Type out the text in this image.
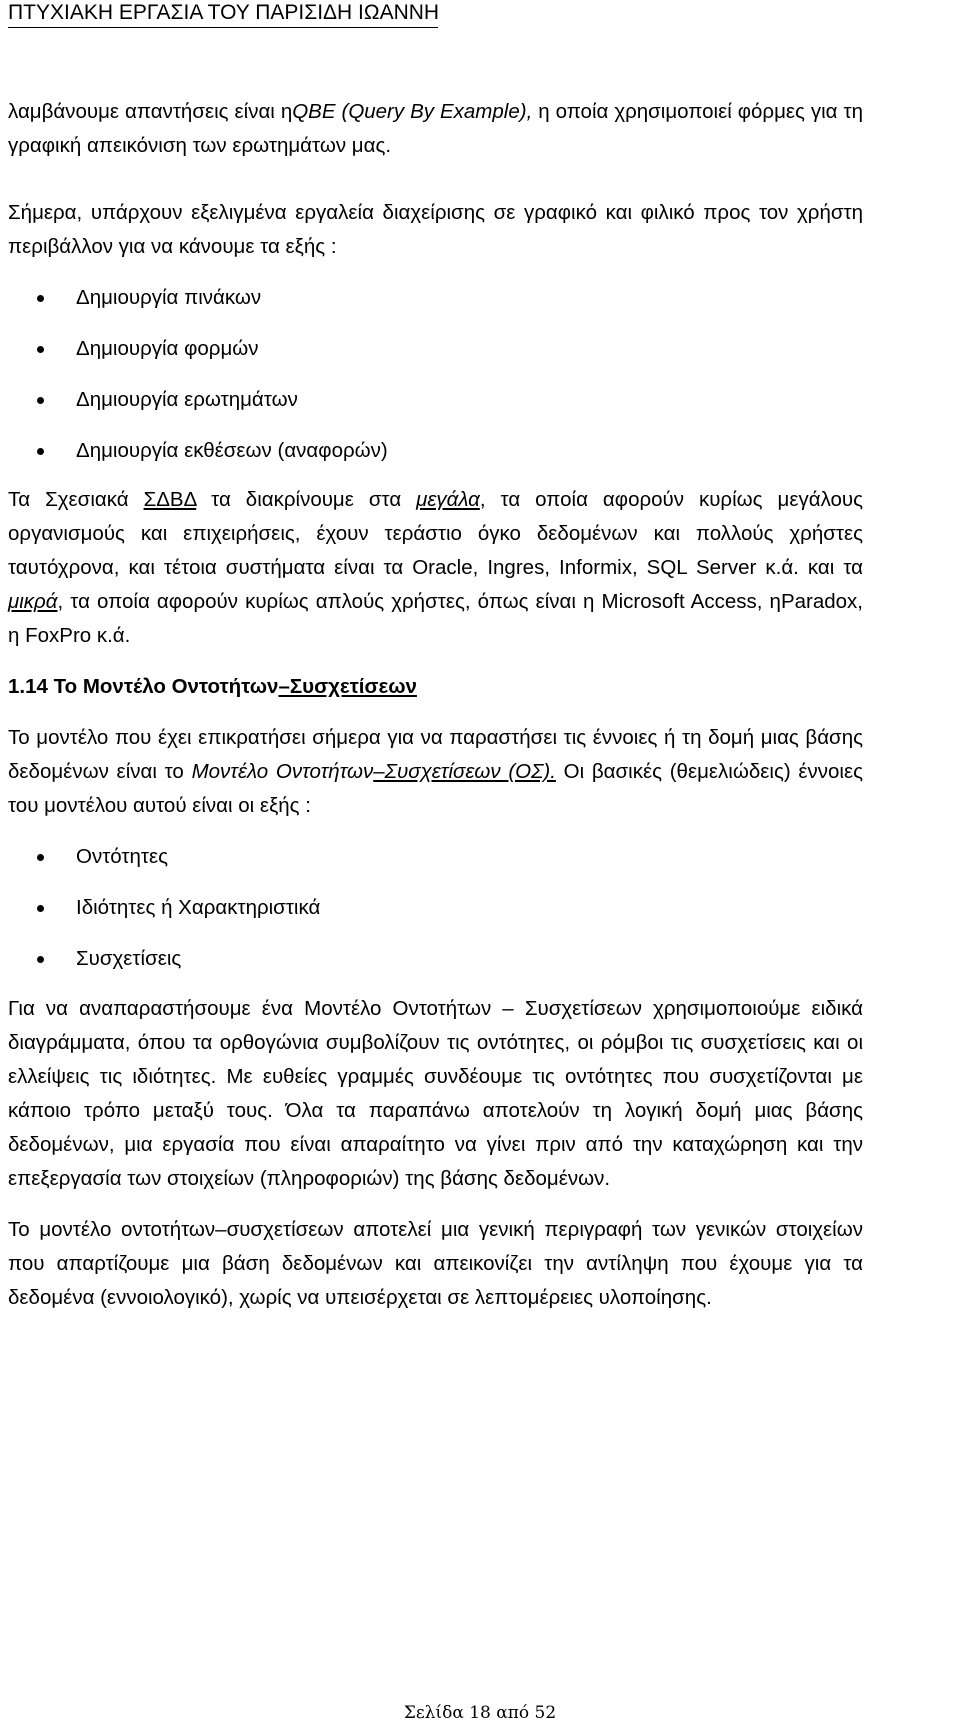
ΠΤΥΧΙΑΚΗ ΕΡΓΑΣΙΑ ΤΟΥ ΠΑΡΙΣΙΔΗ ΙΩΑΝΝΗ

λαμβάνουμε απαντήσεις είναι ηQBE (Query By Example), η οποία χρησιμοποιεί φόρμες για τη γραφική απεικόνιση των ερωτημάτων μας.

Σήμερα, υπάρχουν εξελιγμένα εργαλεία διαχείρισης σε γραφικό και φιλικό προς τον χρήστη περιβάλλον για να κάνουμε τα εξής :

Δημιουργία πινάκων
Δημιουργία φορμών
Δημιουργία ερωτημάτων
Δημιουργία εκθέσεων (αναφορών)

Τα Σχεσιακά ΣΔΒΔ τα διακρίνουμε στα μεγάλα, τα οποία αφορούν κυρίως μεγάλους οργανισμούς και επιχειρήσεις, έχουν τεράστιο όγκο δεδομένων και πολλούς χρήστες ταυτόχρονα, και τέτοια συστήματα είναι τα Oracle, Ingres, Informix, SQL Server κ.ά. και τα μικρά, τα οποία αφορούν κυρίως απλούς χρήστες, όπως είναι η Microsoft Access, ηParadox, η FoxPro κ.ά.

1.14 Το Μοντέλο Οντοτήτων–Συσχετίσεων

Το μοντέλο που έχει επικρατήσει σήμερα για να παραστήσει τις έννοιες ή τη δομή μιας βάσης δεδομένων είναι το Μοντέλο Οντοτήτων–Συσχετίσεων (ΟΣ). Οι βασικές (θεμελιώδεις) έννοιες του μοντέλου αυτού είναι οι εξής :

Οντότητες
Ιδιότητες ή Χαρακτηριστικά
Συσχετίσεις

Για να αναπαραστήσουμε ένα Μοντέλο Οντοτήτων – Συσχετίσεων χρησιμοποιούμε ειδικά διαγράμματα, όπου τα ορθογώνια συμβολίζουν τις οντότητες, οι ρόμβοι τις συσχετίσεις και οι ελλείψεις τις ιδιότητες. Με ευθείες γραμμές συνδέουμε τις οντότητες που συσχετίζονται με κάποιο τρόπο μεταξύ τους. Όλα τα παραπάνω αποτελούν τη λογική δομή μιας βάσης δεδομένων, μια εργασία που είναι απαραίτητο να γίνει πριν από την καταχώρηση και την επεξεργασία των στοιχείων (πληροφοριών) της βάσης δεδομένων.

Το μοντέλο οντοτήτων–συσχετίσεων αποτελεί μια γενική περιγραφή των γενικών στοιχείων που απαρτίζουμε μια βάση δεδομένων και απεικονίζει την αντίληψη που έχουμε για τα δεδομένα (εννοιολογικό), χωρίς να υπεισέρχεται σε λεπτομέρειες υλοποίησης.

Σελίδα 18 από 52
